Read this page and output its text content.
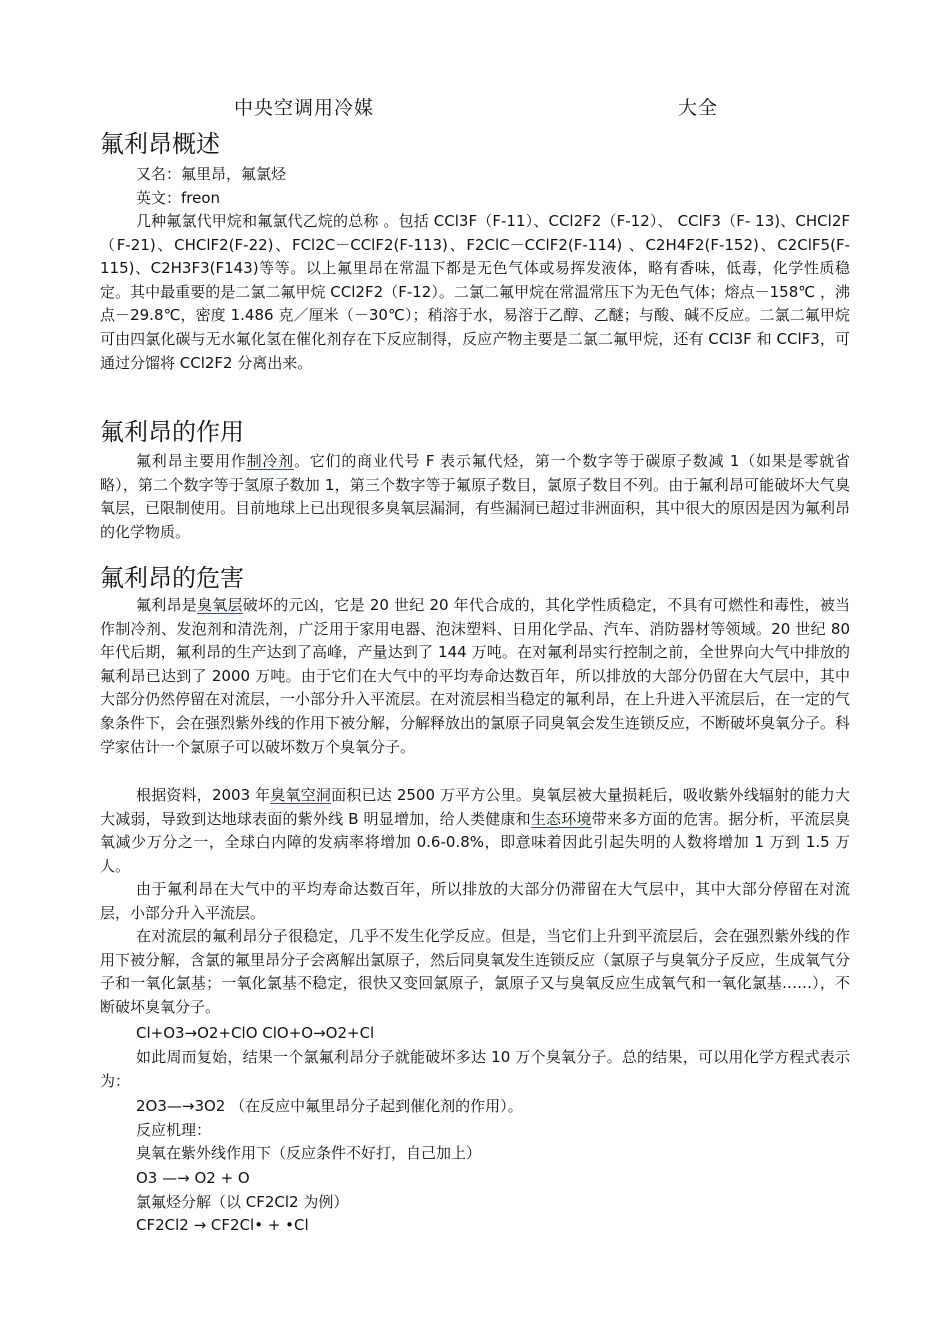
中央空调用冷媒	大全
氟利昂概述

又名：氟里昂，氟氯烃

英文：freon

几种氟氯代甲烷和氟氯代乙烷的总称 。包括 CCl3F（F-11）、CCl2F2（F-12）、 CClF3（F- 13)、CHCl2F （F-21)、CHClF2(F-22)、FCl2C－CClF2(F-113)、F2ClC－CClF2(F-114) 、C2H4F2(F-152)、C2ClF5(F-115)、C2H3F3(F143)等等。以上氟里昂在常温下都是无色气体或易挥发液体，略有香味，低毒，化学性质稳定。其中最重要的是二氯二氟甲烷 CCl2F2（F-12）。二氯二氟甲烷在常温常压下为无色气体；熔点－158℃ ，沸点－29.8℃，密度 1.486 克／厘米（－30℃）；稍溶于水，易溶于乙醇、乙醚；与酸、碱不反应。二氯二氟甲烷可由四氯化碳与无水氟化氢在催化剂存在下反应制得，反应产物主要是二氯二氟甲烷，还有 CCl3F 和 CClF3，可通过分馏将 CCl2F2 分离出来。

氟利昂的作用

氟利昂主要用作制冷剂。它们的商业代号 F 表示氟代烃，第一个数字等于碳原子数减 1（如果是零就省略），第二个数字等于氢原子数加 1，第三个数字等于氟原子数目，氯原子数目不列。由于氟利昂可能破坏大气臭氧层，已限制使用。目前地球上已出现很多臭氧层漏洞，有些漏洞已超过非洲面积，其中很大的原因是因为氟利昂的化学物质。

氟利昂的危害

氟利昂是臭氧层破坏的元凶，它是 20 世纪 20 年代合成的，其化学性质稳定，不具有可燃性和毒性，被当作制冷剂、发泡剂和清洗剂，广泛用于家用电器、泡沫塑料、日用化学品、汽车、消防器材等领域。20 世纪 80 年代后期，氟利昂的生产达到了高峰，产量达到了 144 万吨。在对氟利昂实行控制之前，全世界向大气中排放的氟利昂已达到了 2000 万吨。由于它们在大气中的平均寿命达数百年，所以排放的大部分仍留在大气层中，其中大部分仍然停留在对流层，一小部分升入平流层。在对流层相当稳定的氟利昂，在上升进入平流层后，在一定的气象条件下，会在强烈紫外线的作用下被分解，分解释放出的氯原子同臭氧会发生连锁反应，不断破坏臭氧分子。科学家估计一个氯原子可以破坏数万个臭氧分子。

根据资料，2003 年臭氧空洞面积已达 2500 万平方公里。臭氧层被大量损耗后，吸收紫外线辐射的能力大大减弱，导致到达地球表面的紫外线 B 明显增加，给人类健康和生态环境带来多方面的危害。据分析，平流层臭氧减少万分之一，全球白内障的发病率将增加 0.6-0.8%，即意味着因此引起失明的人数将增加 1 万到 1.5 万人。

由于氟利昂在大气中的平均寿命达数百年，所以排放的大部分仍滞留在大气层中，其中大部分停留在对流层，小部分升入平流层。

在对流层的氟利昂分子很稳定，几乎不发生化学反应。但是，当它们上升到平流层后，会在强烈紫外线的作用下被分解，含氯的氟里昂分子会离解出氯原子，然后同臭氧发生连锁反应（氯原子与臭氧分子反应，生成氧气分子和一氧化氯基；一氧化氯基不稳定，很快又变回氯原子，氯原子又与臭氧反应生成氧气和一氧化氯基……），不断破坏臭氧分子。

Cl+O3→O2+ClO ClO+O→O2+Cl

如此周而复始，结果一个氯氟利昂分子就能破坏多达 10 万个臭氧分子。总的结果，可以用化学方程式表示为：

2O3—→3O2 （在反应中氟里昂分子起到催化剂的作用）。

反应机理：

臭氧在紫外线作用下（反应条件不好打，自己加上）

O3 —→ O2 + O

氯氟烃分解（以 CF2Cl2 为例）

CF2Cl2 → CF2Cl• + •Cl
